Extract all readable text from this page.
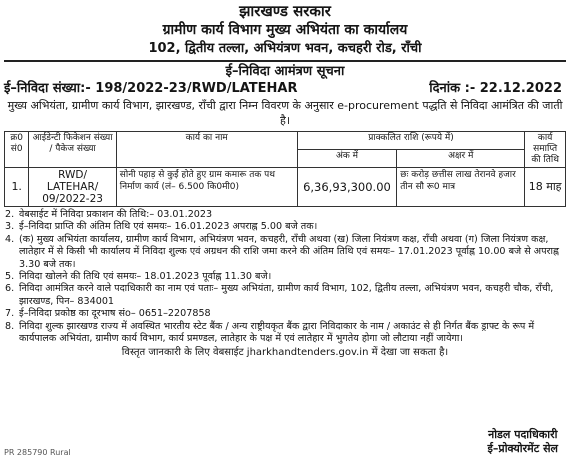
झारखण्ड सरकार
ग्रामीण कार्य विभाग मुख्य अभियंता का कार्यालय
102, द्वितीय तल्ला, अभियंत्रण भवन, कचहरी रोड, राँची
ई–निविदा आमंत्रण सूचना
ई–निविदा संख्या:- 198/2022-23/RWD/LATEHAR	दिनांक :- 22.12.2022
मुख्य अभियंता, ग्रामीण कार्य विभाग, झारखण्ड, राँची द्वारा निम्न विवरण के अनुसार e-procurement पद्धति से निविदा आमंत्रित की जाती है।
क्र0 सं0	आईडेन्टी फिकेशन संख्या / पैकेज संख्या	कार्य का नाम	प्राक्कलित राशि (रूपये में)		कार्य समाप्ति की तिथि
			अंक में	अक्षर में	
1.	RWD/ LATEHAR/ 09/2022-23	सोनी पहाड़ से कुईं होते हुए ग्राम कमारू तक पथ निर्माण कार्य (लं– 6.500 कि0मी0)	6,36,93,300.00	छः करोड़ छत्तीस लाख तेरानवे हजार तीन सौ रू0 मात्र	18 माह
2. वेबसाईट में निविदा प्रकाशन की तिथि:– 03.01.2023
3. ई–निविदा प्राप्ति की अंतिम तिथि एवं समयः– 16.01.2023 अपराह्न 5.00 बजे तक।
4. (क) मुख्य अभियंता कार्यालय, ग्रामीण कार्य विभाग, अभियंत्रण भवन, कचहरी, राँची अथवा (ख) जिला नियंत्रण कक्ष, राँची अथवा (ग) जिला नियंत्रण कक्ष, लातेहार में से किसी भी कार्यालय में निविदा शुल्क एवं अग्रधन की राशि जमा करने की अंतिम तिथि एवं समयः– 17.01.2023 पूर्वाह्न 10.00 बजे से अपराह्न 3.30 बजे तक।
5. निविदा खोलने की तिथि एवं समयः– 18.01.2023 पूर्वाह्न 11.30 बजे।
6. निविदा आमंत्रित करने वाले पदाधिकारी का नाम एवं पताः– मुख्य अभियंता, ग्रामीण कार्य विभाग, 102, द्वितीय तल्ला, अभियंत्रण भवन, कचहरी चौक, राँची, झारखण्ड, पिन– 834001
7. ई–निविदा प्रकोष्ठ का दूरभाष संo– 0651–2207858
8. निविदा शुल्क झारखण्ड राज्य में अवस्थित भारतीय स्टेट बैंक / अन्य राष्ट्रीयकृत बैंक द्वारा निविदाकार के नाम / अकाउंट से ही निर्गत बैंक ड्राफ्ट के रूप में कार्यपालक अभियंता, ग्रामीण कार्य विभाग, कार्य प्रमण्डल, लातेहार के पक्ष में एवं लातेहार में भुगतेय होगा जो लौटाया नहीं जायेगा।
विस्तृत जानकारी के लिए वेबसाईट jharkhandtenders.gov.in में देखा जा सकता है।
नोडल पदाधिकारी
ई–प्रोक्योरमेंट सेल
PR 285790 Rural
